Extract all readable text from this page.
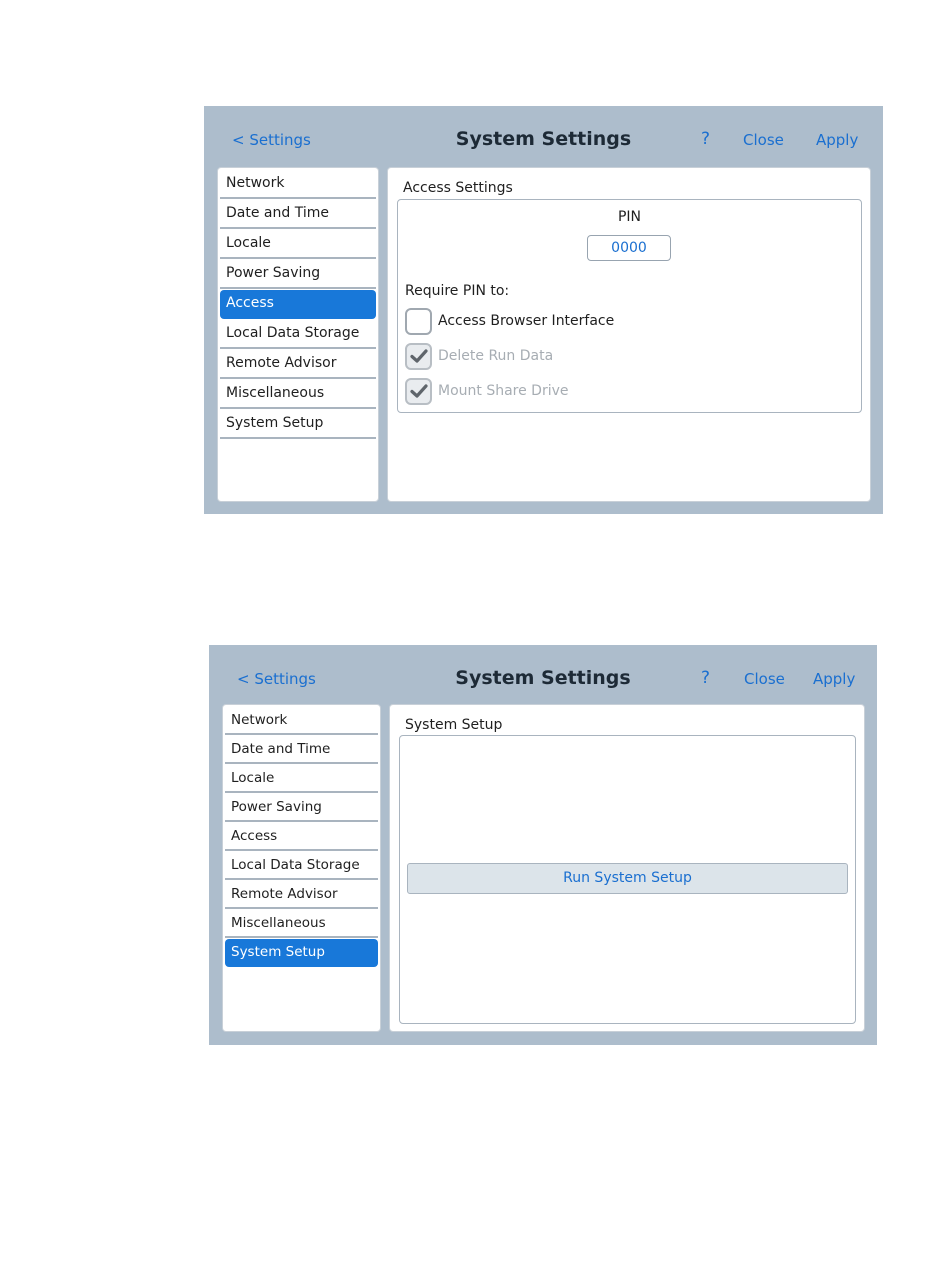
< Settings	System Settings	? Close Apply
Network
Date and Time
Locale
Power Saving
Access
Local Data Storage
Remote Advisor
Miscellaneous
System Setup
Access Settings
PIN
0000
Require PIN to:
Access Browser Interface
Delete Run Data
Mount Share Drive
< Settings	System Settings	? Close Apply
Network
Date and Time
Locale
Power Saving
Access
Local Data Storage
Remote Advisor
Miscellaneous
System Setup
System Setup
Run System Setup
